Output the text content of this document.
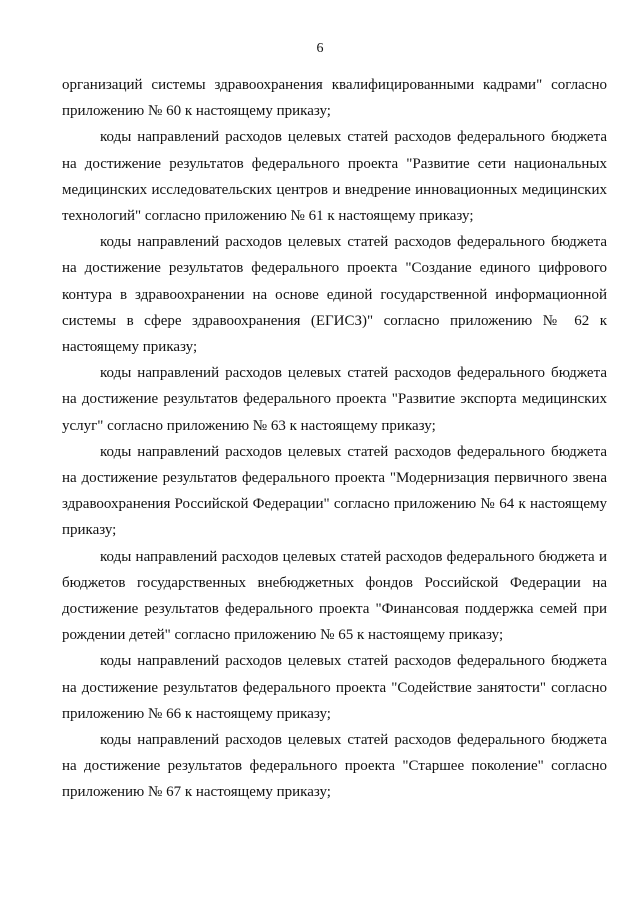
6

организаций системы здравоохранения квалифицированными кадрами" согласно приложению № 60 к настоящему приказу;

коды направлений расходов целевых статей расходов федерального бюджета на достижение результатов федерального проекта "Развитие сети национальных медицинских исследовательских центров и внедрение инновационных медицинских технологий" согласно приложению № 61 к настоящему приказу;

коды направлений расходов целевых статей расходов федерального бюджета на достижение результатов федерального проекта "Создание единого цифрового контура в здравоохранении на основе единой государственной информационной системы в сфере здравоохранения (ЕГИСЗ)" согласно приложению № 62 к настоящему приказу;

коды направлений расходов целевых статей расходов федерального бюджета на достижение результатов федерального проекта "Развитие экспорта медицинских услуг" согласно приложению № 63 к настоящему приказу;

коды направлений расходов целевых статей расходов федерального бюджета на достижение результатов федерального проекта "Модернизация первичного звена здравоохранения Российской Федерации" согласно приложению № 64 к настоящему приказу;

коды направлений расходов целевых статей расходов федерального бюджета и бюджетов государственных внебюджетных фондов Российской Федерации на достижение результатов федерального проекта "Финансовая поддержка семей при рождении детей" согласно приложению № 65 к настоящему приказу;

коды направлений расходов целевых статей расходов федерального бюджета на достижение результатов федерального проекта "Содействие занятости" согласно приложению № 66 к настоящему приказу;

коды направлений расходов целевых статей расходов федерального бюджета на достижение результатов федерального проекта "Старшее поколение" согласно приложению № 67 к настоящему приказу;
